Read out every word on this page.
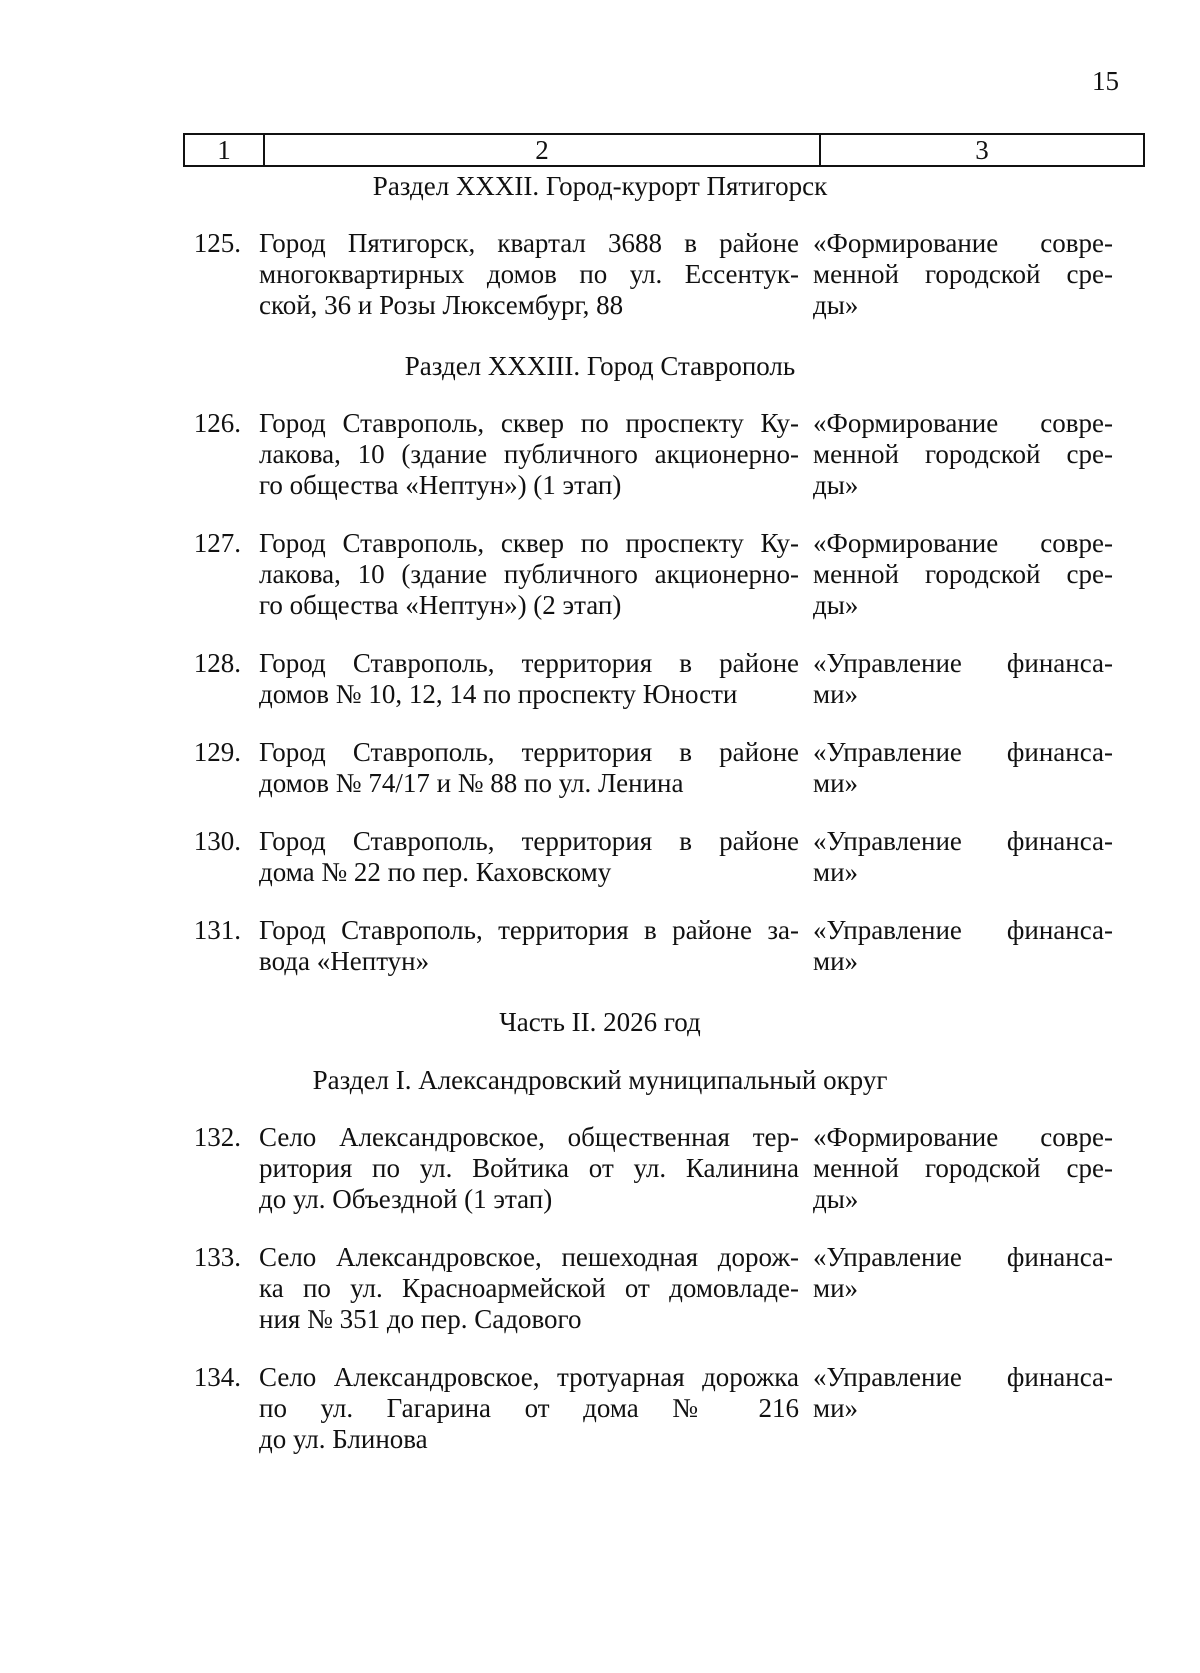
15
1	2	3
Раздел XXXII. Город-курорт Пятигорск
125. Город Пятигорск, квартал 3688 в районе
многоквартирных домов по ул. Ессентук-
ской, 36 и Розы Люксембург, 88
«Формирование совре-
менной городской сре-
ды»
Раздел XXXIII. Город Ставрополь
126. Город Ставрополь, сквер по проспекту Ку-
лакова, 10 (здание публичного акционерно-
го общества «Нептун») (1 этап)
«Формирование совре-
менной городской сре-
ды»
127. Город Ставрополь, сквер по проспекту Ку-
лакова, 10 (здание публичного акционерно-
го общества «Нептун») (2 этап)
«Формирование совре-
менной городской сре-
ды»
128. Город Ставрополь, территория в районе
домов № 10, 12, 14 по проспекту Юности
«Управление финанса-
ми»
129. Город Ставрополь, территория в районе
домов № 74/17 и № 88 по ул. Ленина
«Управление финанса-
ми»
130. Город Ставрополь, территория в районе
дома № 22 по пер. Каховскому
«Управление финанса-
ми»
131. Город Ставрополь, территория в районе за-
вода «Нептун»
«Управление финанса-
ми»
Часть II. 2026 год
Раздел I. Александровский муниципальный округ
132. Село Александровское, общественная тер-
ритория по ул. Войтика от ул. Калинина
до ул. Объездной (1 этап)
«Формирование совре-
менной городской сре-
ды»
133. Село Александровское, пешеходная дорож-
ка по ул. Красноармейской от домовладе-
ния № 351 до пер. Садового
«Управление финанса-
ми»
134. Село Александровское, тротуарная дорожка
по ул. Гагарина от дома № 216
до ул. Блинова
«Управление финанса-
ми»
